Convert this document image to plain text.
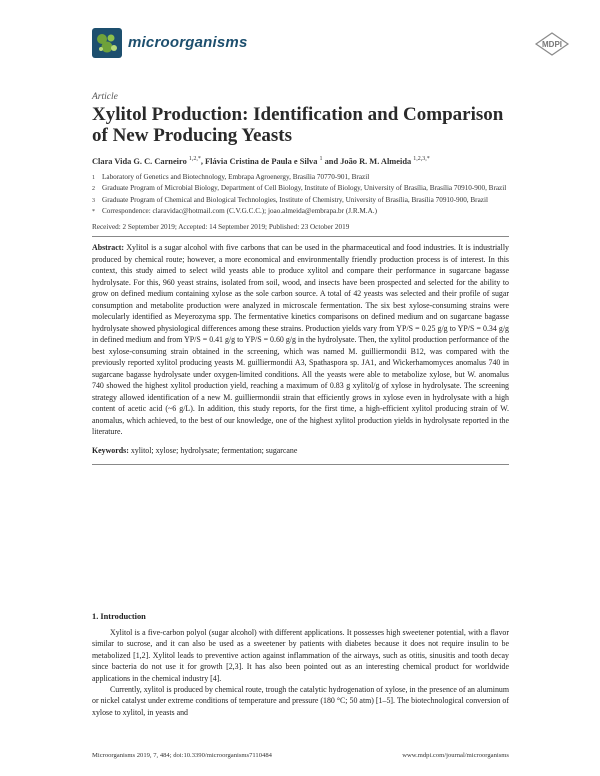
microorganisms	MDPI
Article
Xylitol Production: Identification and Comparison of New Producing Yeasts
Clara Vida G. C. Carneiro $^{1,2,*}$, Flávia Cristina de Paula e Silva $^1$ and João R. M. Almeida $^{1,2,3,*}$
1 Laboratory of Genetics and Biotechnology, Embrapa Agroenergy, Brasília 70770-901, Brazil
2 Graduate Program of Microbial Biology, Department of Cell Biology, Institute of Biology, University of Brasília, Brasília 70910-900, Brazil
3 Graduate Program of Chemical and Biological Technologies, Institute of Chemistry, University of Brasília, Brasília 70910-900, Brazil
* Correspondence: claravidac@hotmail.com (C.V.G.C.C.); joao.almeida@embrapa.br (J.R.M.A.)
Received: 2 September 2019; Accepted: 14 September 2019; Published: 23 October 2019
Abstract: Xylitol is a sugar alcohol with five carbons that can be used in the pharmaceutical and food industries. It is industrially produced by chemical route; however, a more economical and environmentally friendly production process is of interest. In this context, this study aimed to select wild yeasts able to produce xylitol and compare their performance in sugarcane bagasse hydrolysate. For this, 960 yeast strains, isolated from soil, wood, and insects have been prospected and selected for the ability to grow on defined medium containing xylose as the sole carbon source. A total of 42 yeasts was selected and their profile of sugar consumption and metabolite production were analyzed in microscale fermentation. The six best xylose-consuming strains were molecularly identified as Meyerozyma spp. The fermentative kinetics comparisons on defined medium and on sugarcane bagasse hydrolysate showed physiological differences among these strains. Production yields vary from YP/S = 0.25 g/g to YP/S = 0.34 g/g in defined medium and from YP/S = 0.41 g/g to YP/S = 0.60 g/g in the hydrolysate. Then, the xylitol production performance of the best xylose-consuming strain obtained in the screening, which was named M. guilliermondii B12, was compared with the previously reported xylitol producing yeasts M. guilliermondii A3, Spathaspora sp. JA1, and Wickerhamomyces anomalus 740 in sugarcane bagasse hydrolysate under oxygen-limited conditions. All the yeasts were able to metabolize xylose, but W. anomalus 740 showed the highest xylitol production yield, reaching a maximum of 0.83 g xylitol/g of xylose in hydrolysate. The screening strategy allowed identification of a new M. guilliermondii strain that efficiently grows in xylose even in hydrolysate with a high content of acetic acid (~6 g/L). In addition, this study reports, for the first time, a high-efficient xylitol producing strain of W. anomalus, which achieved, to the best of our knowledge, one of the highest xylitol production yields in hydrolysate reported in the literature.
Keywords: xylitol; xylose; hydrolysate; fermentation; sugarcane
1. Introduction

Xylitol is a five-carbon polyol (sugar alcohol) with different applications. It possesses high sweetener potential, with a flavor similar to sucrose, and it can also be used as a sweetener by patients with diabetes because it does not require insulin to be metabolized [1,2]. Xylitol leads to preventive action against inflammation of the airways, such as otitis, sinusitis and tooth decay since bacteria do not use it for growth [2,3]. It has also been pointed out as an interesting chemical product for worldwide applications in the chemical industry [4].

Currently, xylitol is produced by chemical route, trough the catalytic hydrogenation of xylose, in the presence of an aluminum or nickel catalyst under extreme conditions of temperature and pressure (180 °C; 50 atm) [1–5]. The biotechnological conversion of xylose to xylitol, in yeasts and

Microorganisms 2019, 7, 484; doi:10.3390/microorganisms7110484	www.mdpi.com/journal/microorganisms
